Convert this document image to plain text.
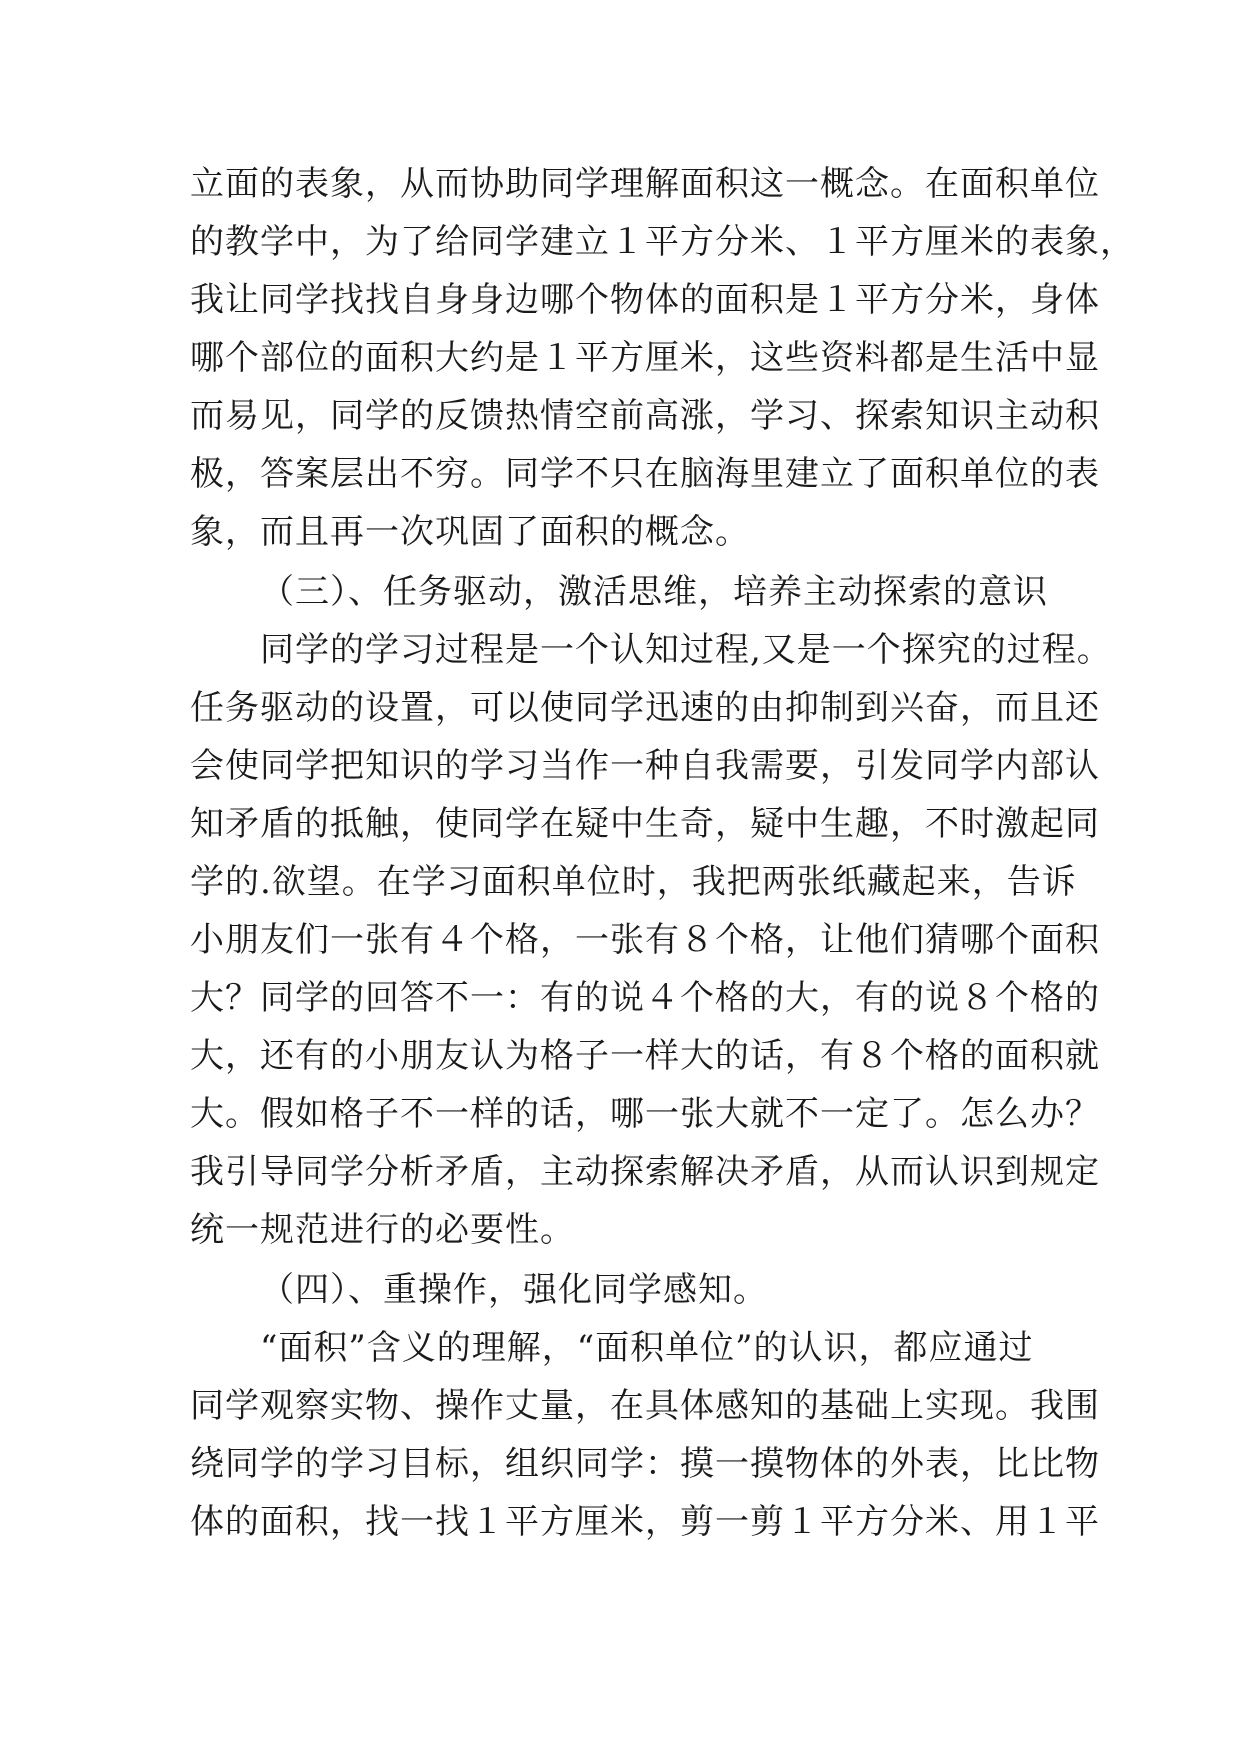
立面的表象，从而协助同学理解面积这一概念。在面积单位
的教学中，为了给同学建立１平方分米、１平方厘米的表象，
我让同学找找自身身边哪个物体的面积是１平方分米，身体
哪个部位的面积大约是１平方厘米，这些资料都是生活中显
而易见，同学的反馈热情空前高涨，学习、探索知识主动积
极，答案层出不穷。同学不只在脑海里建立了面积单位的表
象，而且再一次巩固了面积的概念。
（三）、任务驱动，激活思维，培养主动探索的意识
同学的学习过程是一个认知过程,又是一个探究的过程。
任务驱动的设置，可以使同学迅速的由抑制到兴奋，而且还
会使同学把知识的学习当作一种自我需要，引发同学内部认
知矛盾的抵触，使同学在疑中生奇，疑中生趣，不时激起同
学的.欲望。在学习面积单位时，我把两张纸藏起来，告诉
小朋友们一张有４个格，一张有８个格，让他们猜哪个面积
大？同学的回答不一：有的说４个格的大，有的说８个格的
大，还有的小朋友认为格子一样大的话，有８个格的面积就
大。假如格子不一样的话，哪一张大就不一定了。怎么办？
我引导同学分析矛盾，主动探索解决矛盾，从而认识到规定
统一规范进行的必要性。
（四）、重操作，强化同学感知。
“面积”含义的理解，“面积单位”的认识，都应通过
同学观察实物、操作丈量，在具体感知的基础上实现。我围
绕同学的学习目标，组织同学：摸一摸物体的外表，比比物
体的面积，找一找１平方厘米，剪一剪１平方分米、用１平
